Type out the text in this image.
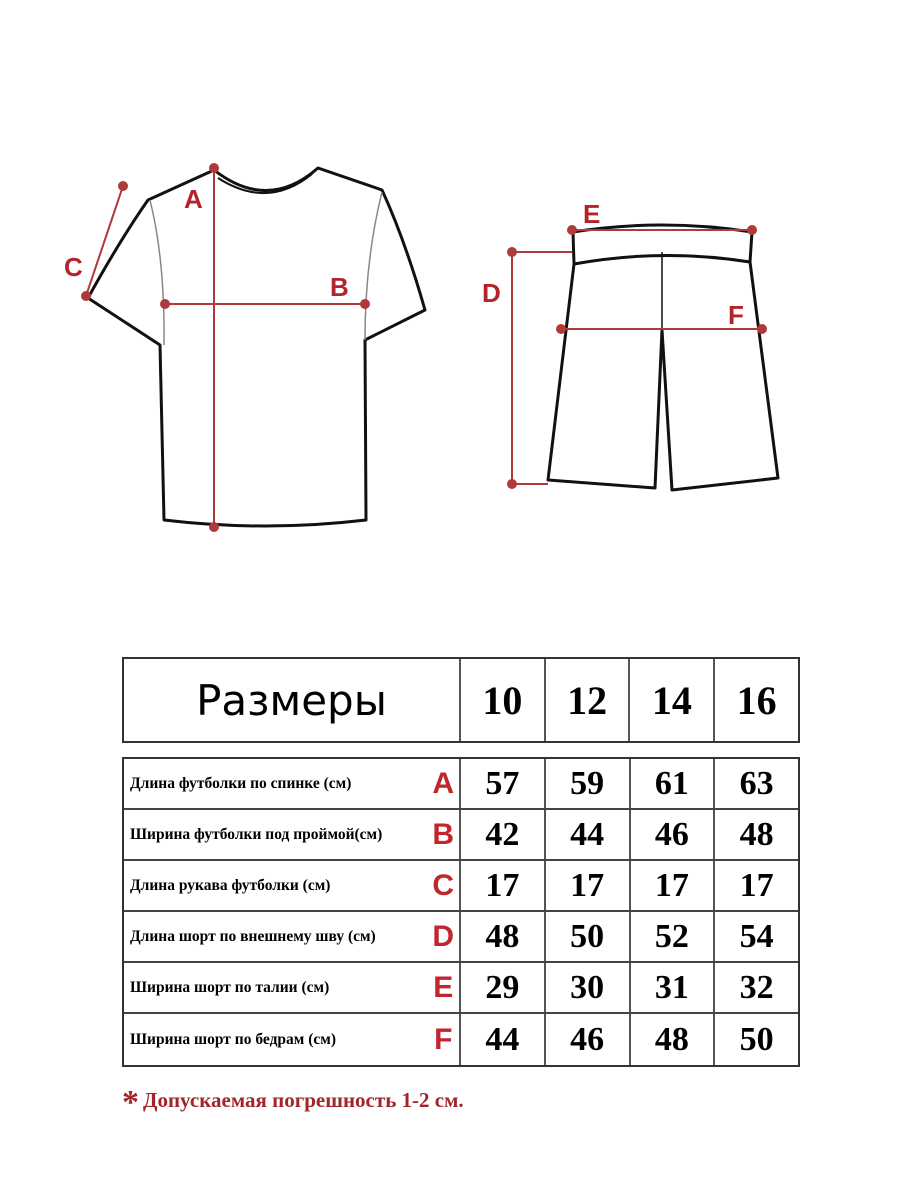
A
B
C
D
E
F
Размеры	10	12	14	16
Длина футболки по спинке (см)	A 57	59	61	63
Ширина футболки под проймой(см)	B 42	44	46	48
Длина рукава футболки (см)	C 17	17	17	17
Длина шорт по внешнему шву (см)	D 48	50	52	54
Ширина шорт по талии (см)	E 29	30	31	32
Ширина шорт по бедрам (см)	F 44	46	48	50
* Допускаемая погрешность 1-2 см.
